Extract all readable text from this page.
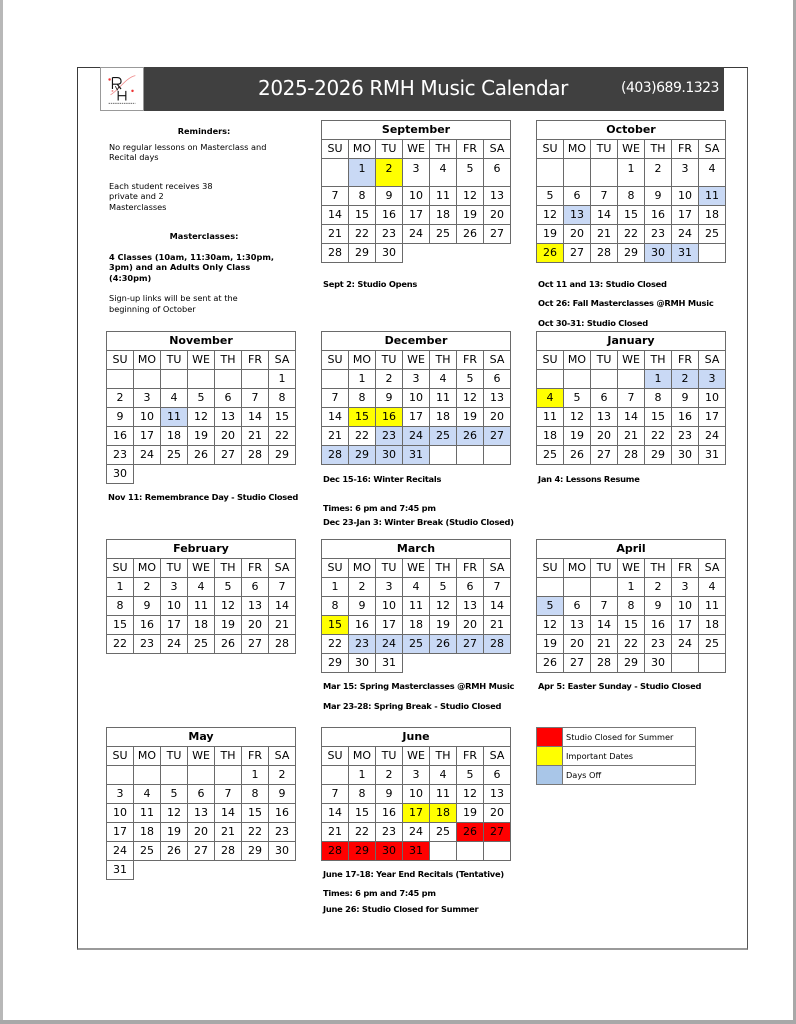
2025-2026 RMH Music Calendar	(403)689.1323

Reminders:

No regular lessons on Masterclass and Recital days

Each student receives 38 private and 2 Masterclasses

Masterclasses:

4 Classes (10am, 11:30am, 1:30pm, 3pm) and an Adults Only Class (4:30pm)

Sign-up links will be sent at the beginning of October

September						
SU	MO	TU	WE	TH	FR	SA
	1	2	3	4	5	6
7	8	9	10	11	12	13
14	15	16	17	18	19	20
21	22	23	24	25	26	27
28	29	30				
Sept 2: Studio Opens
October						
SU	MO	TU	WE	TH	FR	SA
			1	2	3	4
5	6	7	8	9	10	11
12	13	14	15	16	17	18
19	20	21	22	23	24	25
26	27	28	29	30	31	
Oct 11 and 13: Studio Closed
Oct 26: Fall Masterclasses @RMH Music
Oct 30-31: Studio Closed
November						
SU	MO	TU	WE	TH	FR	SA
						1
2	3	4	5	6	7	8
9	10	11	12	13	14	15
16	17	18	19	20	21	22
23	24	25	26	27	28	29
30						
Nov 11: Remembrance Day - Studio Closed
December						
SU	MO	TU	WE	TH	FR	SA
	1	2	3	4	5	6
7	8	9	10	11	12	13
14	15	16	17	18	19	20
21	22	23	24	25	26	27
28	29	30	31			
Dec 15-16: Winter Recitals
Times: 6 pm and 7:45 pm
Dec 23-Jan 3: Winter Break (Studio Closed)
January						
SU	MO	TU	WE	TH	FR	SA
				1	2	3
4	5	6	7	8	9	10
11	12	13	14	15	16	17
18	19	20	21	22	23	24
25	26	27	28	29	30	31
Jan 4: Lessons Resume
February						
SU	MO	TU	WE	TH	FR	SA
1	2	3	4	5	6	7
8	9	10	11	12	13	14
15	16	17	18	19	20	21
22	23	24	25	26	27	28
March						
SU	MO	TU	WE	TH	FR	SA
1	2	3	4	5	6	7
8	9	10	11	12	13	14
15	16	17	18	19	20	21
22	23	24	25	26	27	28
29	30	31				
Mar 15: Spring Masterclasses @RMH Music
Mar 23-28: Spring Break - Studio Closed
April						
SU	MO	TU	WE	TH	FR	SA
			1	2	3	4
5	6	7	8	9	10	11
12	13	14	15	16	17	18
19	20	21	22	23	24	25
26	27	28	29	30		
Apr 5: Easter Sunday - Studio Closed
May						
SU	MO	TU	WE	TH	FR	SA
					1	2
3	4	5	6	7	8	9
10	11	12	13	14	15	16
17	18	19	20	21	22	23
24	25	26	27	28	29	30
31						
June						
SU	MO	TU	WE	TH	FR	SA
	1	2	3	4	5	6
7	8	9	10	11	12	13
14	15	16	17	18	19	20
21	22	23	24	25	26	27
28	29	30	31			
June 17-18: Year End Recitals (Tentative)
Times: 6 pm and 7:45 pm
June 26: Studio Closed for Summer
	Studio Closed for Summer
	Important Dates
	Days Off
